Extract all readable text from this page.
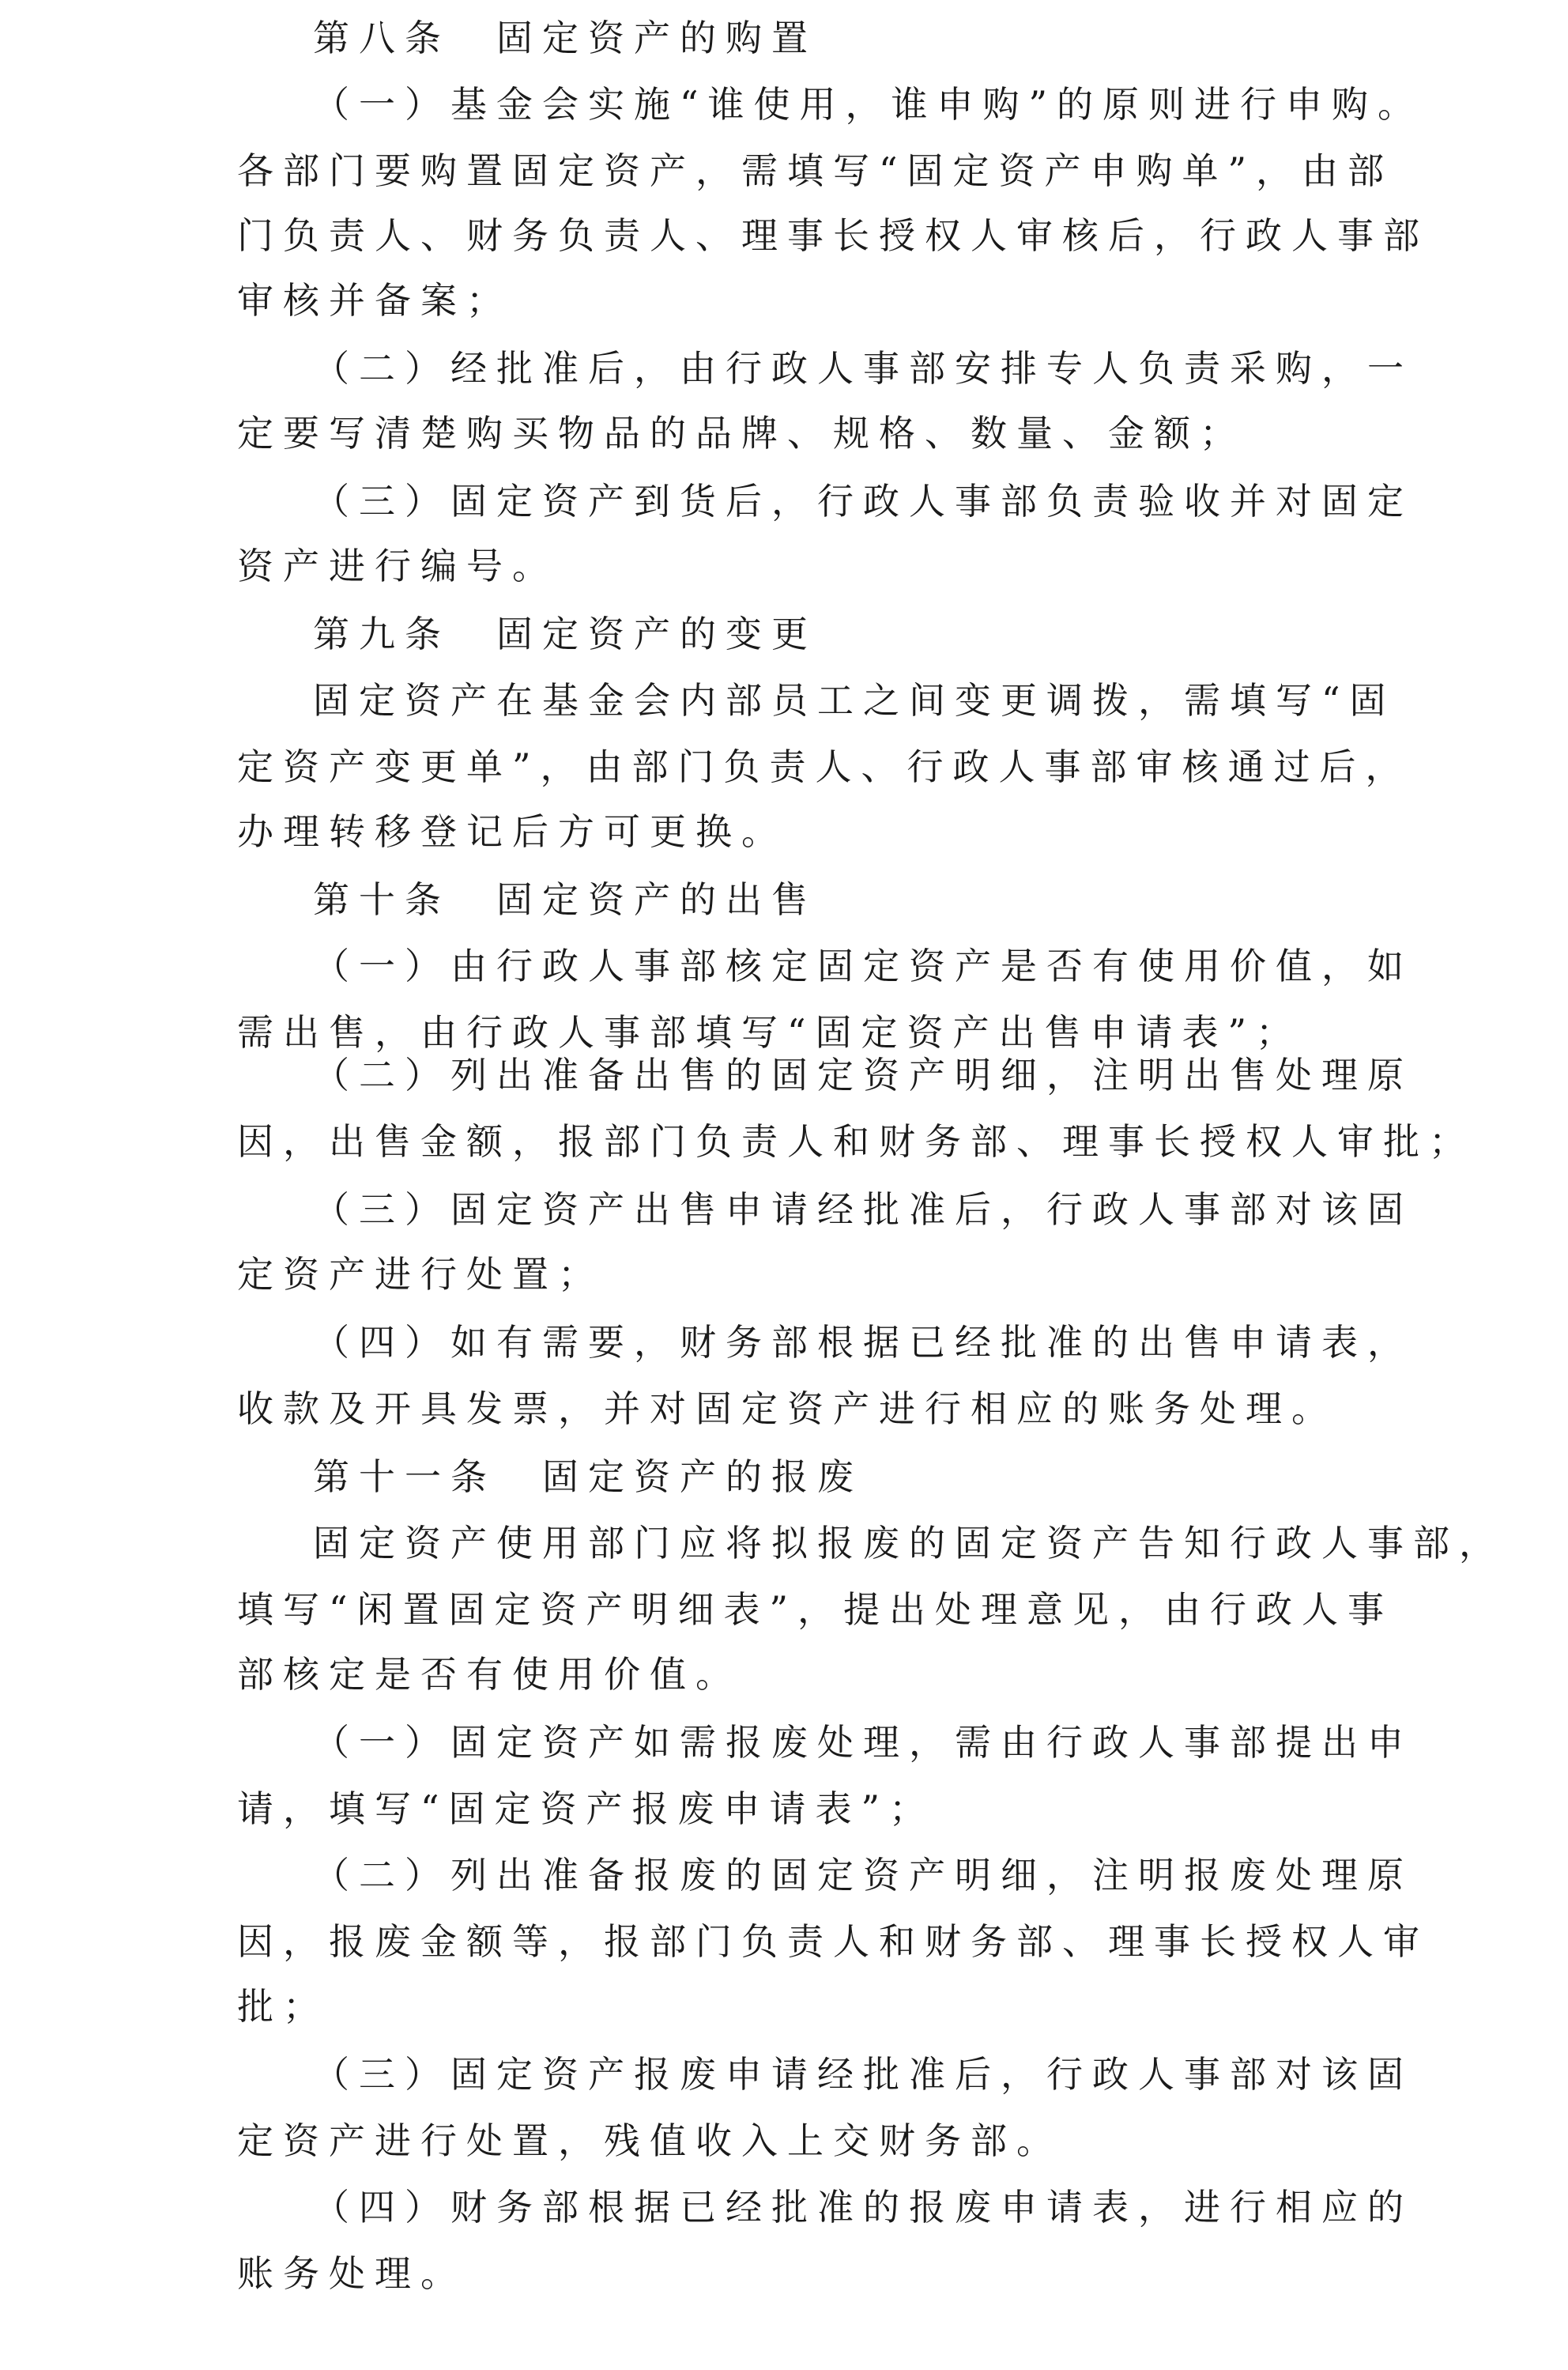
第八条　固定资产的购置
（一）基金会实施“谁使用，谁申购”的原则进行申购。
各部门要购置固定资产，需填写“固定资产申购单”，由部
门负责人、财务负责人、理事长授权人审核后，行政人事部
审核并备案；
（二）经批准后，由行政人事部安排专人负责采购，一
定要写清楚购买物品的品牌、规格、数量、金额；
（三）固定资产到货后，行政人事部负责验收并对固定
资产进行编号。
第九条　固定资产的变更
固定资产在基金会内部员工之间变更调拨，需填写“固
定资产变更单”，由部门负责人、行政人事部审核通过后，
办理转移登记后方可更换。
第十条　固定资产的出售
（一）由行政人事部核定固定资产是否有使用价值，如
需出售，由行政人事部填写“固定资产出售申请表”；
（二）列出准备出售的固定资产明细，注明出售处理原
因，出售金额，报部门负责人和财务部、理事长授权人审批；
（三）固定资产出售申请经批准后，行政人事部对该固
定资产进行处置；
（四）如有需要，财务部根据已经批准的出售申请表，
收款及开具发票，并对固定资产进行相应的账务处理。
第十一条　固定资产的报废
固定资产使用部门应将拟报废的固定资产告知行政人事部，
填写“闲置固定资产明细表”，提出处理意见，由行政人事
部核定是否有使用价值。
（一）固定资产如需报废处理，需由行政人事部提出申
请，填写“固定资产报废申请表”；
（二）列出准备报废的固定资产明细，注明报废处理原
因，报废金额等，报部门负责人和财务部、理事长授权人审
批；
（三）固定资产报废申请经批准后，行政人事部对该固
定资产进行处置，残值收入上交财务部。
（四）财务部根据已经批准的报废申请表，进行相应的
账务处理。
